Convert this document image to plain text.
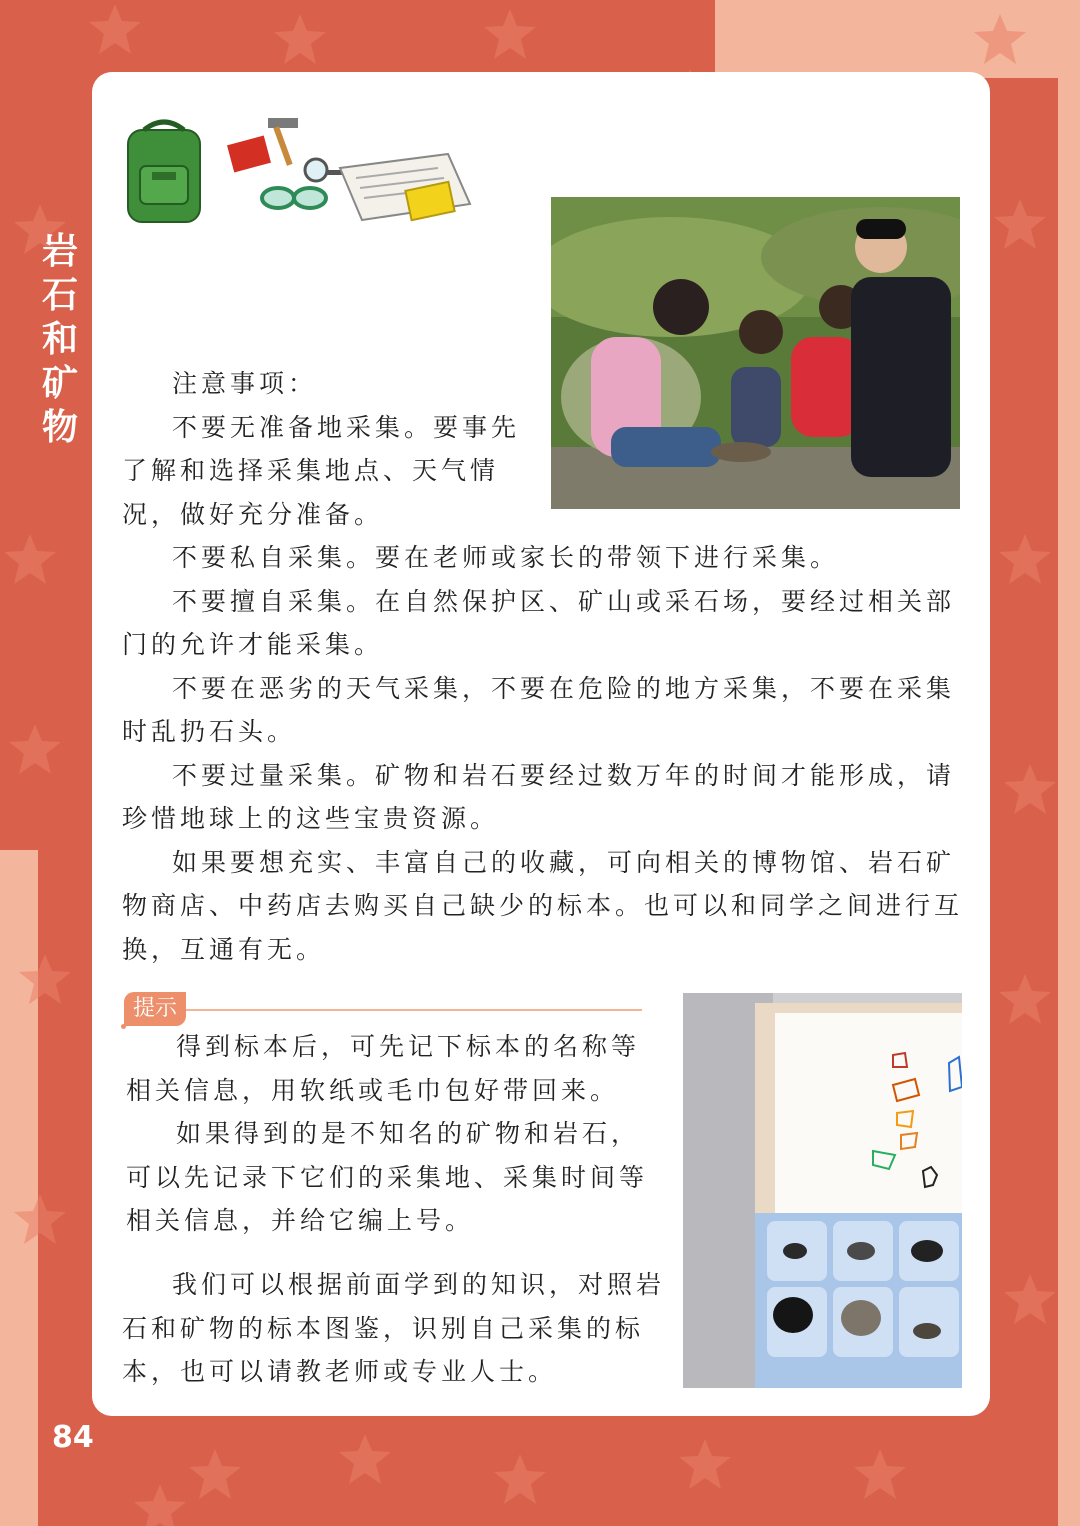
岩
石
和
矿
物

注意事项：

不要无准备地采集。要事先了解和选择采集地点、天气情况，做好充分准备。

不要私自采集。要在老师或家长的带领下进行采集。

不要擅自采集。在自然保护区、矿山或采石场，要经过相关部门的允许才能采集。

不要在恶劣的天气采集，不要在危险的地方采集，不要在采集时乱扔石头。

不要过量采集。矿物和岩石要经过数万年的时间才能形成，请珍惜地球上的这些宝贵资源。

如果要想充实、丰富自己的收藏，可向相关的博物馆、岩石矿物商店、中药店去购买自己缺少的标本。也可以和同学之间进行互换，互通有无。

提示

得到标本后，可先记下标本的名称等相关信息，用软纸或毛巾包好带回来。

如果得到的是不知名的矿物和岩石，可以先记录下它们的采集地、采集时间等相关信息，并给它编上号。

我们可以根据前面学到的知识，对照岩石和矿物的标本图鉴，识别自己采集的标本，也可以请教老师或专业人士。

84
